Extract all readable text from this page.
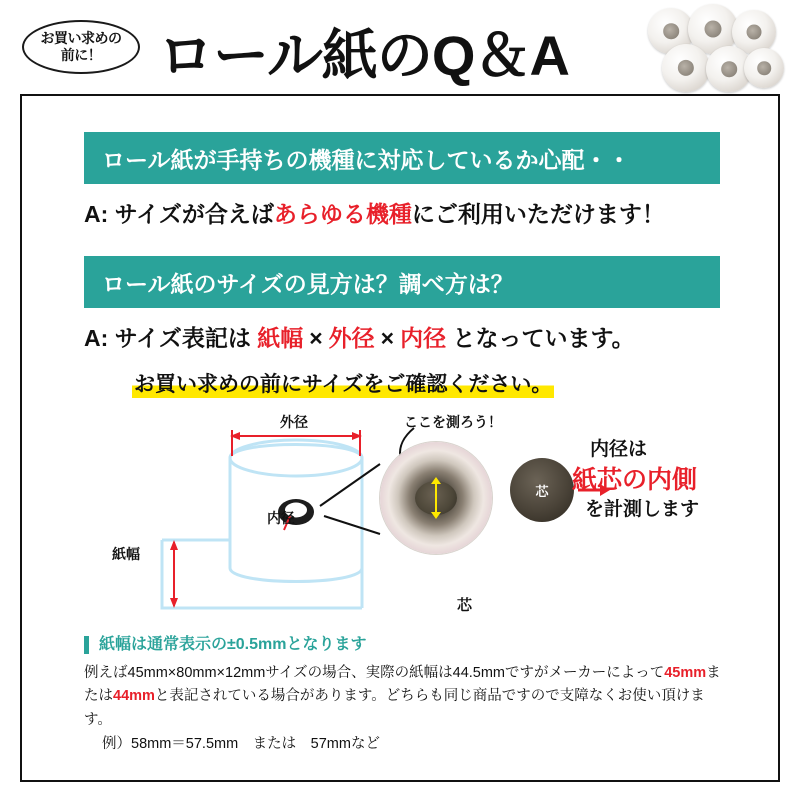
お買い求めの
前に！ ロール紙のQ＆A
ロール紙が手持ちの機種に対応しているか心配・・
A: サイズが合えばあらゆる機種にご利用いただけます！
ロール紙のサイズの見方は？調べ方は？
A: サイズ表記は 紙幅 × 外径 × 内径 となっています。
お買い求めの前にサイズをご確認ください。
芯
外径
内径
紙幅
ここを測ろう！
芯
内径は
紙芯の内側
を計測します
紙幅は通常表示の±0.5mmとなります
例えば45mm×80mm×12mmサイズの場合、実際の紙幅は44.5mmですがメーカーによって45mmまたは44mmと表記されている場合があります。どちらも同じ商品ですので支障なくお使い頂けます。
例）58mm＝57.5mm　または　57mmなど
